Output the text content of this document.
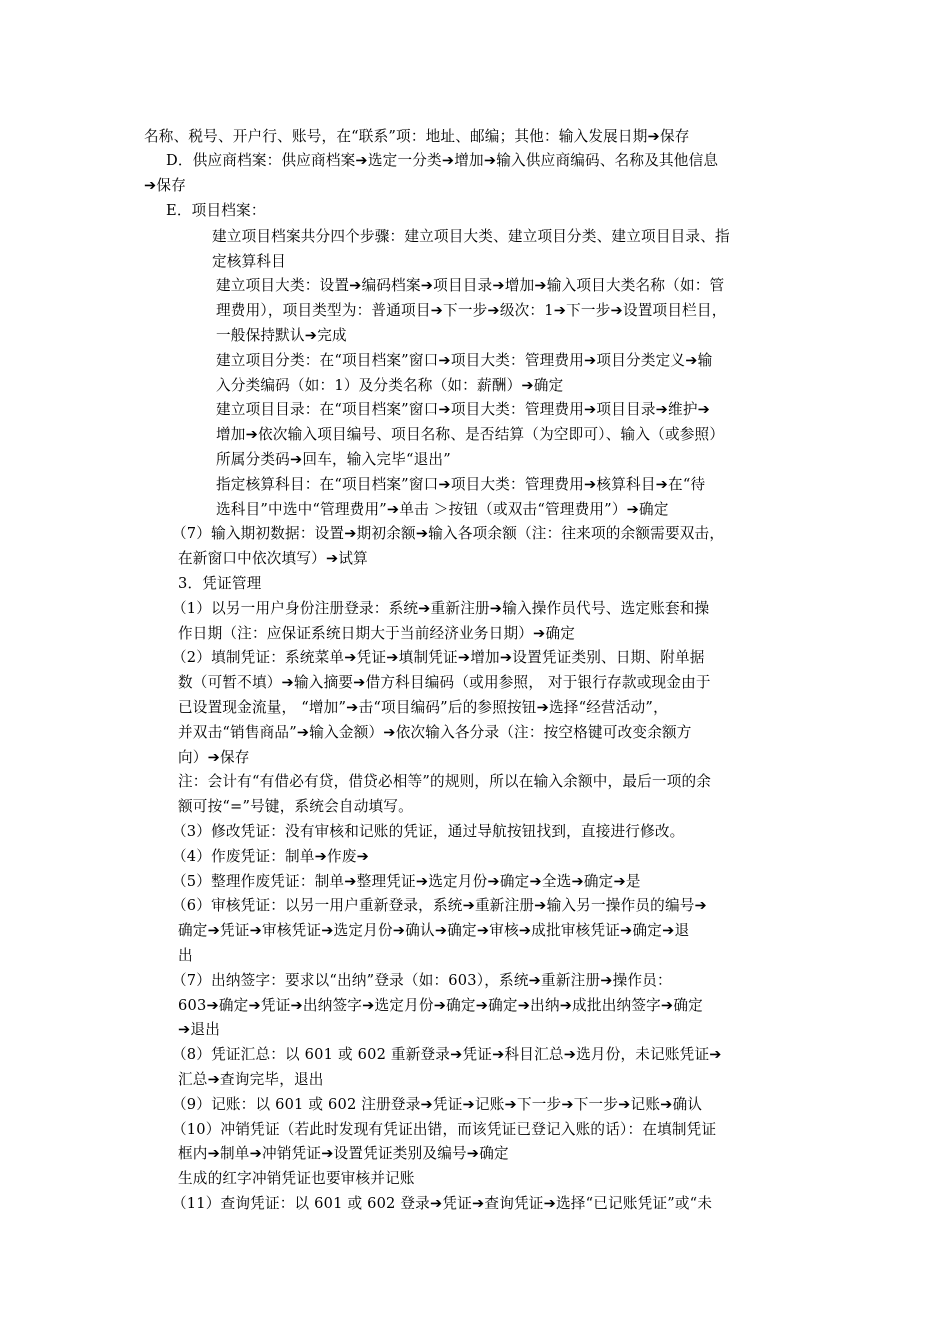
名称、税号、开户行、账号，在“联系”项：地址、邮编；其他：输入发展日期➔保存
D．供应商档案：供应商档案➔选定一分类➔增加➔输入供应商编码、名称及其他信息
➔保存
E．项目档案：
建立项目档案共分四个步骤：建立项目大类、建立项目分类、建立项目目录、指
定核算科目
建立项目大类：设置➔编码档案➔项目目录➔增加➔输入项目大类名称（如：管
理费用），项目类型为：普通项目➔下一步➔级次：1➔下一步➔设置项目栏目，
一般保持默认➔完成
建立项目分类：在“项目档案”窗口➔项目大类：管理费用➔项目分类定义➔输
入分类编码（如：1）及分类名称（如：薪酬）➔确定
建立项目目录：在“项目档案”窗口➔项目大类：管理费用➔项目目录➔维护➔
增加➔依次输入项目编号、项目名称、是否结算（为空即可）、输入（或参照）
所属分类码➔回车，输入完毕“退出”
指定核算科目：在“项目档案”窗口➔项目大类：管理费用➔核算科目➔在“待
选科目”中选中“管理费用”➔单击 ＞按钮（或双击“管理费用”）➔确定
（7）输入期初数据：设置➔期初余额➔输入各项余额（注：往来项的余额需要双击，
在新窗口中依次填写）➔试算
3．凭证管理
（1）以另一用户身份注册登录：系统➔重新注册➔输入操作员代号、选定账套和操
作日期（注：应保证系统日期大于当前经济业务日期）➔确定
（2）填制凭证：系统菜单➔凭证➔填制凭证➔增加➔设置凭证类别、日期、附单据
数（可暂不填）➔输入摘要➔借方科目编码（或用参照， 对于银行存款或现金由于
已设置现金流量， “增加”➔击“项目编码”后的参照按钮➔选择“经营活动”，
并双击“销售商品”➔输入金额）➔依次输入各分录（注：按空格键可改变余额方
向）➔保存
注：会计有“有借必有贷，借贷必相等”的规则，所以在输入余额中，最后一项的余
额可按“=”号键，系统会自动填写。
（3）修改凭证：没有审核和记账的凭证，通过导航按钮找到，直接进行修改。
（4）作废凭证：制单➔作废➔
（5）整理作废凭证：制单➔整理凭证➔选定月份➔确定➔全选➔确定➔是
（6）审核凭证：以另一用户重新登录，系统➔重新注册➔输入另一操作员的编号➔
确定➔凭证➔审核凭证➔选定月份➔确认➔确定➔审核➔成批审核凭证➔确定➔退
出
（7）出纳签字：要求以“出纳”登录（如：603），系统➔重新注册➔操作员：
603➔确定➔凭证➔出纳签字➔选定月份➔确定➔确定➔出纳➔成批出纳签字➔确定
➔退出
（8）凭证汇总：以 601 或 602 重新登录➔凭证➔科目汇总➔选月份，未记账凭证➔
汇总➔查询完毕，退出
（9）记账：以 601 或 602 注册登录➔凭证➔记账➔下一步➔下一步➔记账➔确认
（10）冲销凭证（若此时发现有凭证出错，而该凭证已登记入账的话）：在填制凭证
框内➔制单➔冲销凭证➔设置凭证类别及编号➔确定
生成的红字冲销凭证也要审核并记账
（11）查询凭证：以 601 或 602 登录➔凭证➔查询凭证➔选择“已记账凭证”或“未
